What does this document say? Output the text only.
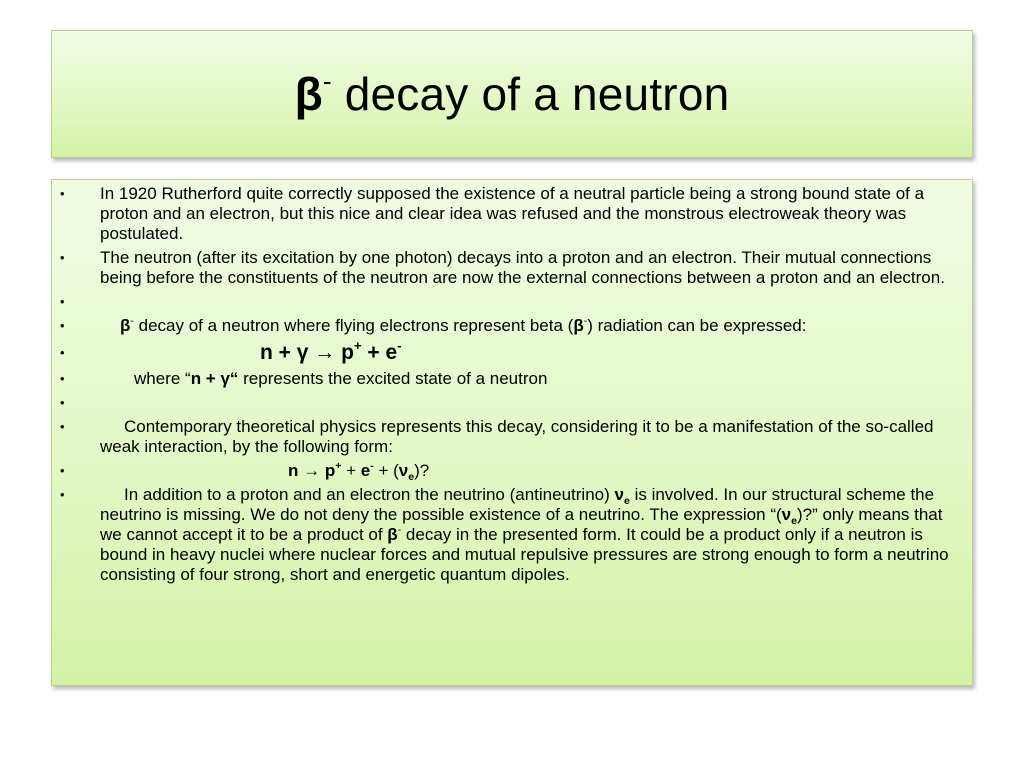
β- decay of a neutron
• In 1920 Rutherford quite correctly supposed the existence of a neutral particle being a strong bound state of a proton and an electron, but this nice and clear idea was refused and the monstrous electroweak theory was postulated.
• The neutron (after its excitation by one photon) decays into a proton and an electron. Their mutual connections being before the constituents of the neutron are now the external connections between a proton and an electron.
•
•	β- decay of a neutron where flying electrons represent beta (β-) radiation can be expressed:
•	n + γ → p+ + e-
•	where “n + γ“ represents the excited state of a neutron
•
•	Contemporary theoretical physics represents this decay, considering it to be a manifestation of the so-called weak interaction, by the following form:
•	$n \to p^+ + e^- + (\nu_e)$?
•	In addition to a proton and an electron the neutrino (antineutrino) $\nu_e$ is involved. In our structural scheme the neutrino is missing. We do not deny the possible existence of a neutrino. The expression “$(\nu_e)$?” only means that we cannot accept it to be a product of β- decay in the presented form. It could be a product only if a neutron is bound in heavy nuclei where nuclear forces and mutual repulsive pressures are strong enough to form a neutrino consisting of four strong, short and energetic quantum dipoles.
